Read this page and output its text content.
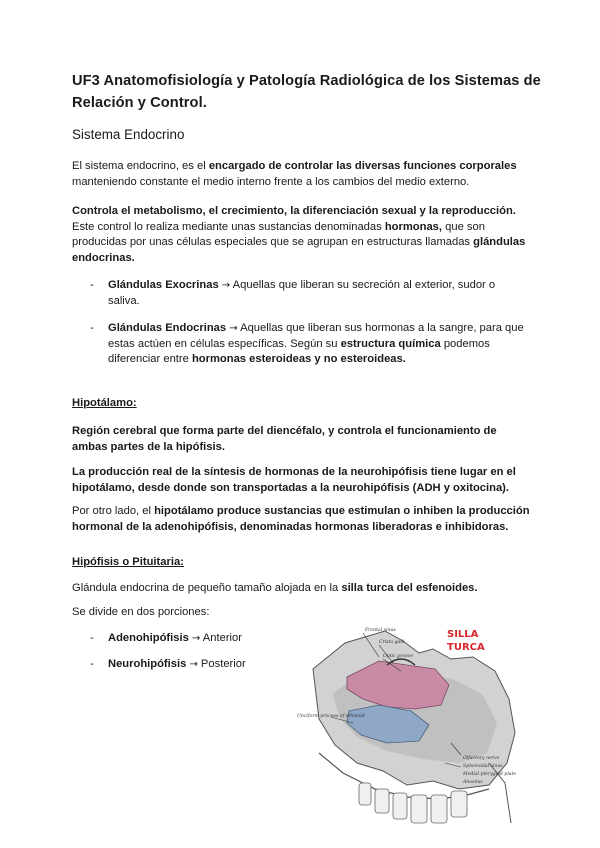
UF3 Anatomofisiología y Patología Radiológica de los Sistemas de Relación y Control.
Sistema Endocrino
El sistema endocrino, es el encargado de controlar las diversas funciones corporales manteniendo constante el medio interno frente a los cambios del medio externo.
Controla el metabolismo, el crecimiento, la diferenciación sexual y la reproducción. Este control lo realiza mediante unas sustancias denominadas hormonas, que son producidas por unas células especiales que se agrupan en estructuras llamadas glándulas endocrinas.
- Glándulas Exocrinas → Aquellas que liberan su secreción al exterior, sudor o saliva.
- Glándulas Endocrinas → Aquellas que liberan sus hormonas a la sangre, para que estas actúen en células específicas. Según su estructura química podemos diferenciar entre hormonas esteroideas y no esteroideas.
Hipotálamo:
Región cerebral que forma parte del diencéfalo, y controla el funcionamiento de ambas partes de la hipófisis.
La producción real de la síntesis de hormonas de la neurohipófisis tiene lugar en el hipotálamo, desde donde son transportadas a la neurohipófisis (ADH y oxitocina).
Por otro lado, el hipotálamo produce sustancias que estimulan o inhiben la producción hormonal de la adenohipófisis, denominadas hormonas liberadoras e inhibidoras.
Hipófisis o Pituitaria:
Glándula endocrina de pequeño tamaño alojada en la silla turca del esfenoides.
Se divide en dos porciones:
- Adenohipófisis → Anterior
- Neurohipófisis → Posterior
Frontal sinus
Crista galli
Optic groove
Unciform process of ethmoid
Olfactory nerve
Sphenoidal sinus
Medial pterygoid plate
Alveolus
SILLA
TURCA
